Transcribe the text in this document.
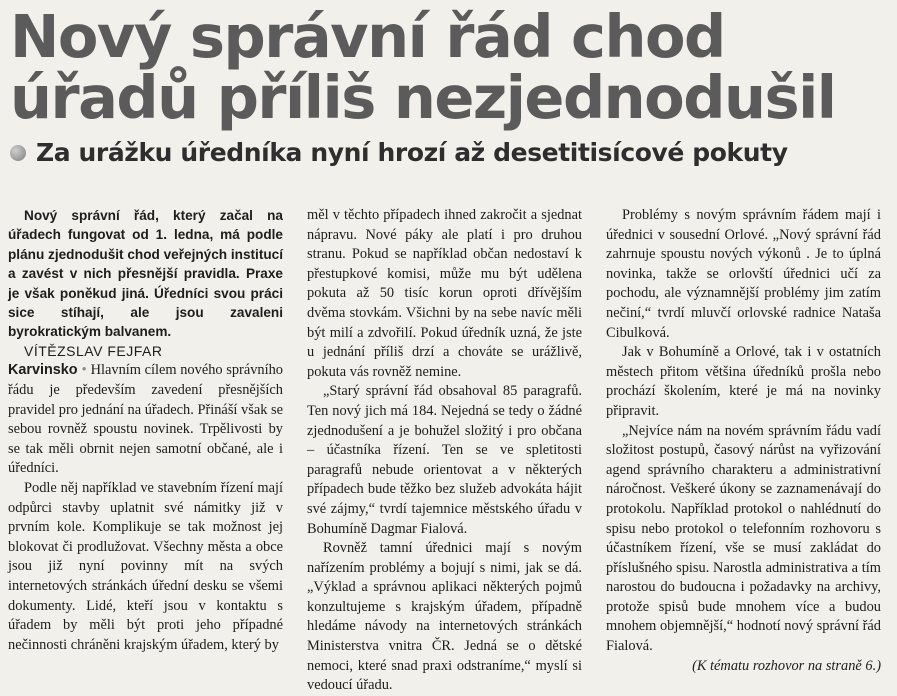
Nový správní řád chod
úřadů příliš nezjednodušil
Za urážku úředníka nyní hrozí až desetitisícové pokuty

Nový správní řád, který začal na úřadech fungovat od 1. ledna, má podle plánu zjednodušit chod veřejných institucí a zavést v nich přesnější pravidla. Praxe je však poněkud jiná. Úředníci svou práci sice stíhají, ale jsou zavaleni byrokratickým balvanem.

VÍTĚZSLAV FEJFAR

Karvinsko • Hlavním cílem nového správního řádu je především zavedení přesnějších pravidel pro jednání na úřadech. Přináší však se sebou rovněž spoustu novinek. Trpělivosti by se tak měli obrnit nejen samotní občané, ale i úředníci.

Podle něj například ve stavebním řízení mají odpůrci stavby uplatnit své námitky již v prvním kole. Komplikuje se tak možnost jej blokovat či prodlužovat. Všechny města a obce jsou již nyní povinny mít na svých internetových stránkách úřední desku se všemi dokumenty. Lidé, kteří jsou v kontaktu s úřadem by měli být proti jeho případné nečinnosti chráněni krajským úřadem, který by

měl v těchto případech ihned zakročit a sjednat nápravu. Nové páky ale platí i pro druhou stranu. Pokud se například občan nedostaví k přestupkové komisi, může mu být udělena pokuta až 50 tisíc korun oproti dřívějším dvěma stovkám. Všichni by na sebe navíc měli být milí a zdvořilí. Pokud úředník uzná, že jste u jednání příliš drzí a chováte se urážlivě, pokuta vás rovněž nemine.

„Starý správní řád obsahoval 85 paragrafů. Ten nový jich má 184. Nejedná se tedy o žádné zjednodušení a je bohužel složitý i pro občana – účastníka řízení. Ten se ve spletitosti paragrafů nebude orientovat a v některých případech bude těžko bez služeb advokáta hájit své zájmy,“ tvrdí tajemnice městského úřadu v Bohumíně Dagmar Fialová.

Rovněž tamní úřednici mají s novým nařízením problémy a bojují s nimi, jak se dá. „Výklad a správnou aplikaci některých pojmů konzultujeme s krajským úřadem, případně hledáme návody na internetových stránkách Ministerstva vnitra ČR. Jedná se o dětské nemoci, které snad praxi odstraníme,“ myslí si vedoucí úřadu.

Problémy s novým správním řádem mají i úřednici v sousední Orlové. „Nový správní řád zahrnuje spoustu nových výkonů . Je to úplná novinka, takže se orlovští úřednici učí za pochodu, ale významnější problémy jim zatím nečiní,“ tvrdí mluvčí orlovské radnice Nataša Cibulková.

Jak v Bohumíně a Orlové, tak i v ostatních městech přitom většina úředníků prošla nebo prochází školením, které je má na novinky připravit.

„Nejvíce nám na novém správním řádu vadí složitost postupů, časový nárůst na vyřizování agend správního charakteru a administrativní náročnost. Veškeré úkony se zaznamenávají do protokolu. Například protokol o nahlédnutí do spisu nebo protokol o telefonním rozhovoru s účastníkem řízení, vše se musí zakládat do příslušného spisu. Narostla administrativa a tím narostou do budoucna i požadavky na archivy, protože spisů bude mnohem více a budou mnohem objemnější,“ hodnotí nový správní řád Fialová.

(K tématu rozhovor na straně 6.)
